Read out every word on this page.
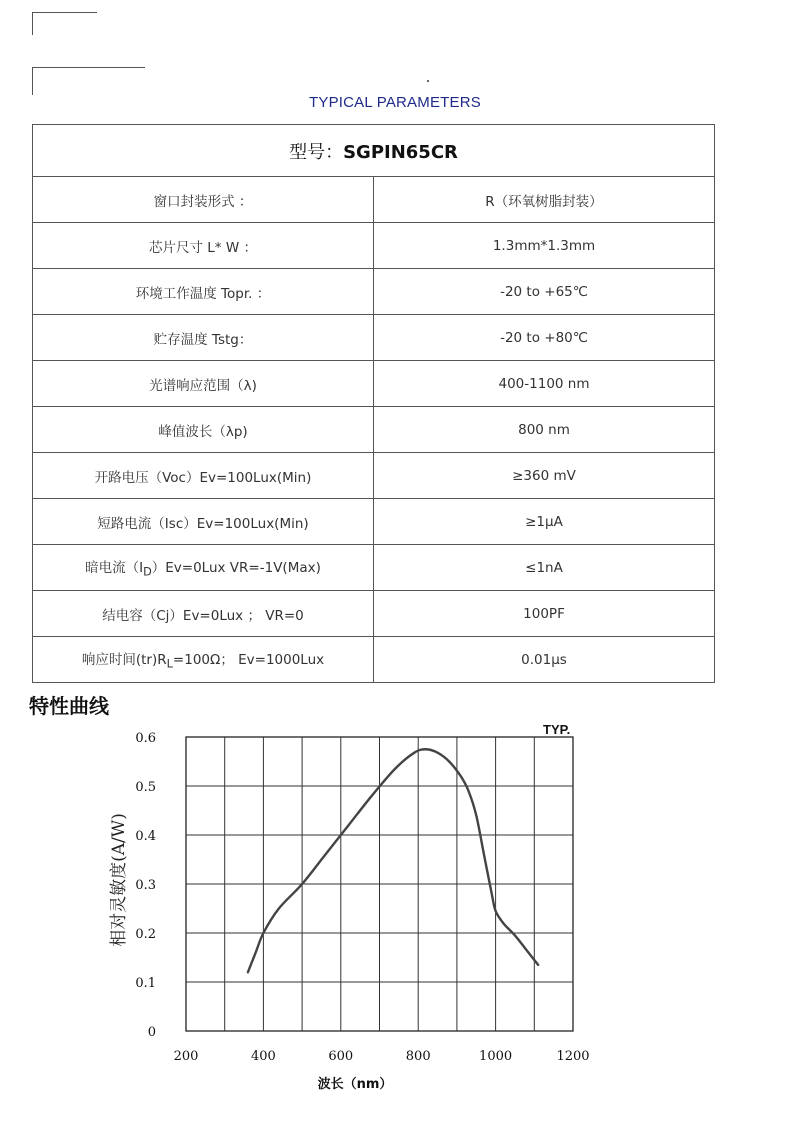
TYPICAL PARAMETERS
型号：SGPIN65CR	
窗口封装形式 ：	R（环氧树脂封装）
芯片尺寸 L* W ：	1.3mm*1.3mm
环境工作温度 Topr. ：	-20 to +65℃
贮存温度 Tstg：	-20 to +80℃
光谱响应范围（λ)	400-1100 nm
峰值波长（λp)	800 nm
开路电压（Voc）Ev=100Lux(Min)	≥360 mV
短路电流（Isc）Ev=100Lux(Min)	≥1μA
暗电流$(I_D)Ev=0Lux$ VR=-1V(Max)	≤1nA
结电容（Cj）Ev=0Lux ； VR=0	100PF
响应时间$(tr)R_L=100\Omega$； Ev=1000Lux	0.01μs
特性曲线
200	400	600	800	1000	1200
0
0.1
0.2
0.3
0.4
0.5
0.6
TYP.
波长（nm）
相对灵敏度(A/W)
